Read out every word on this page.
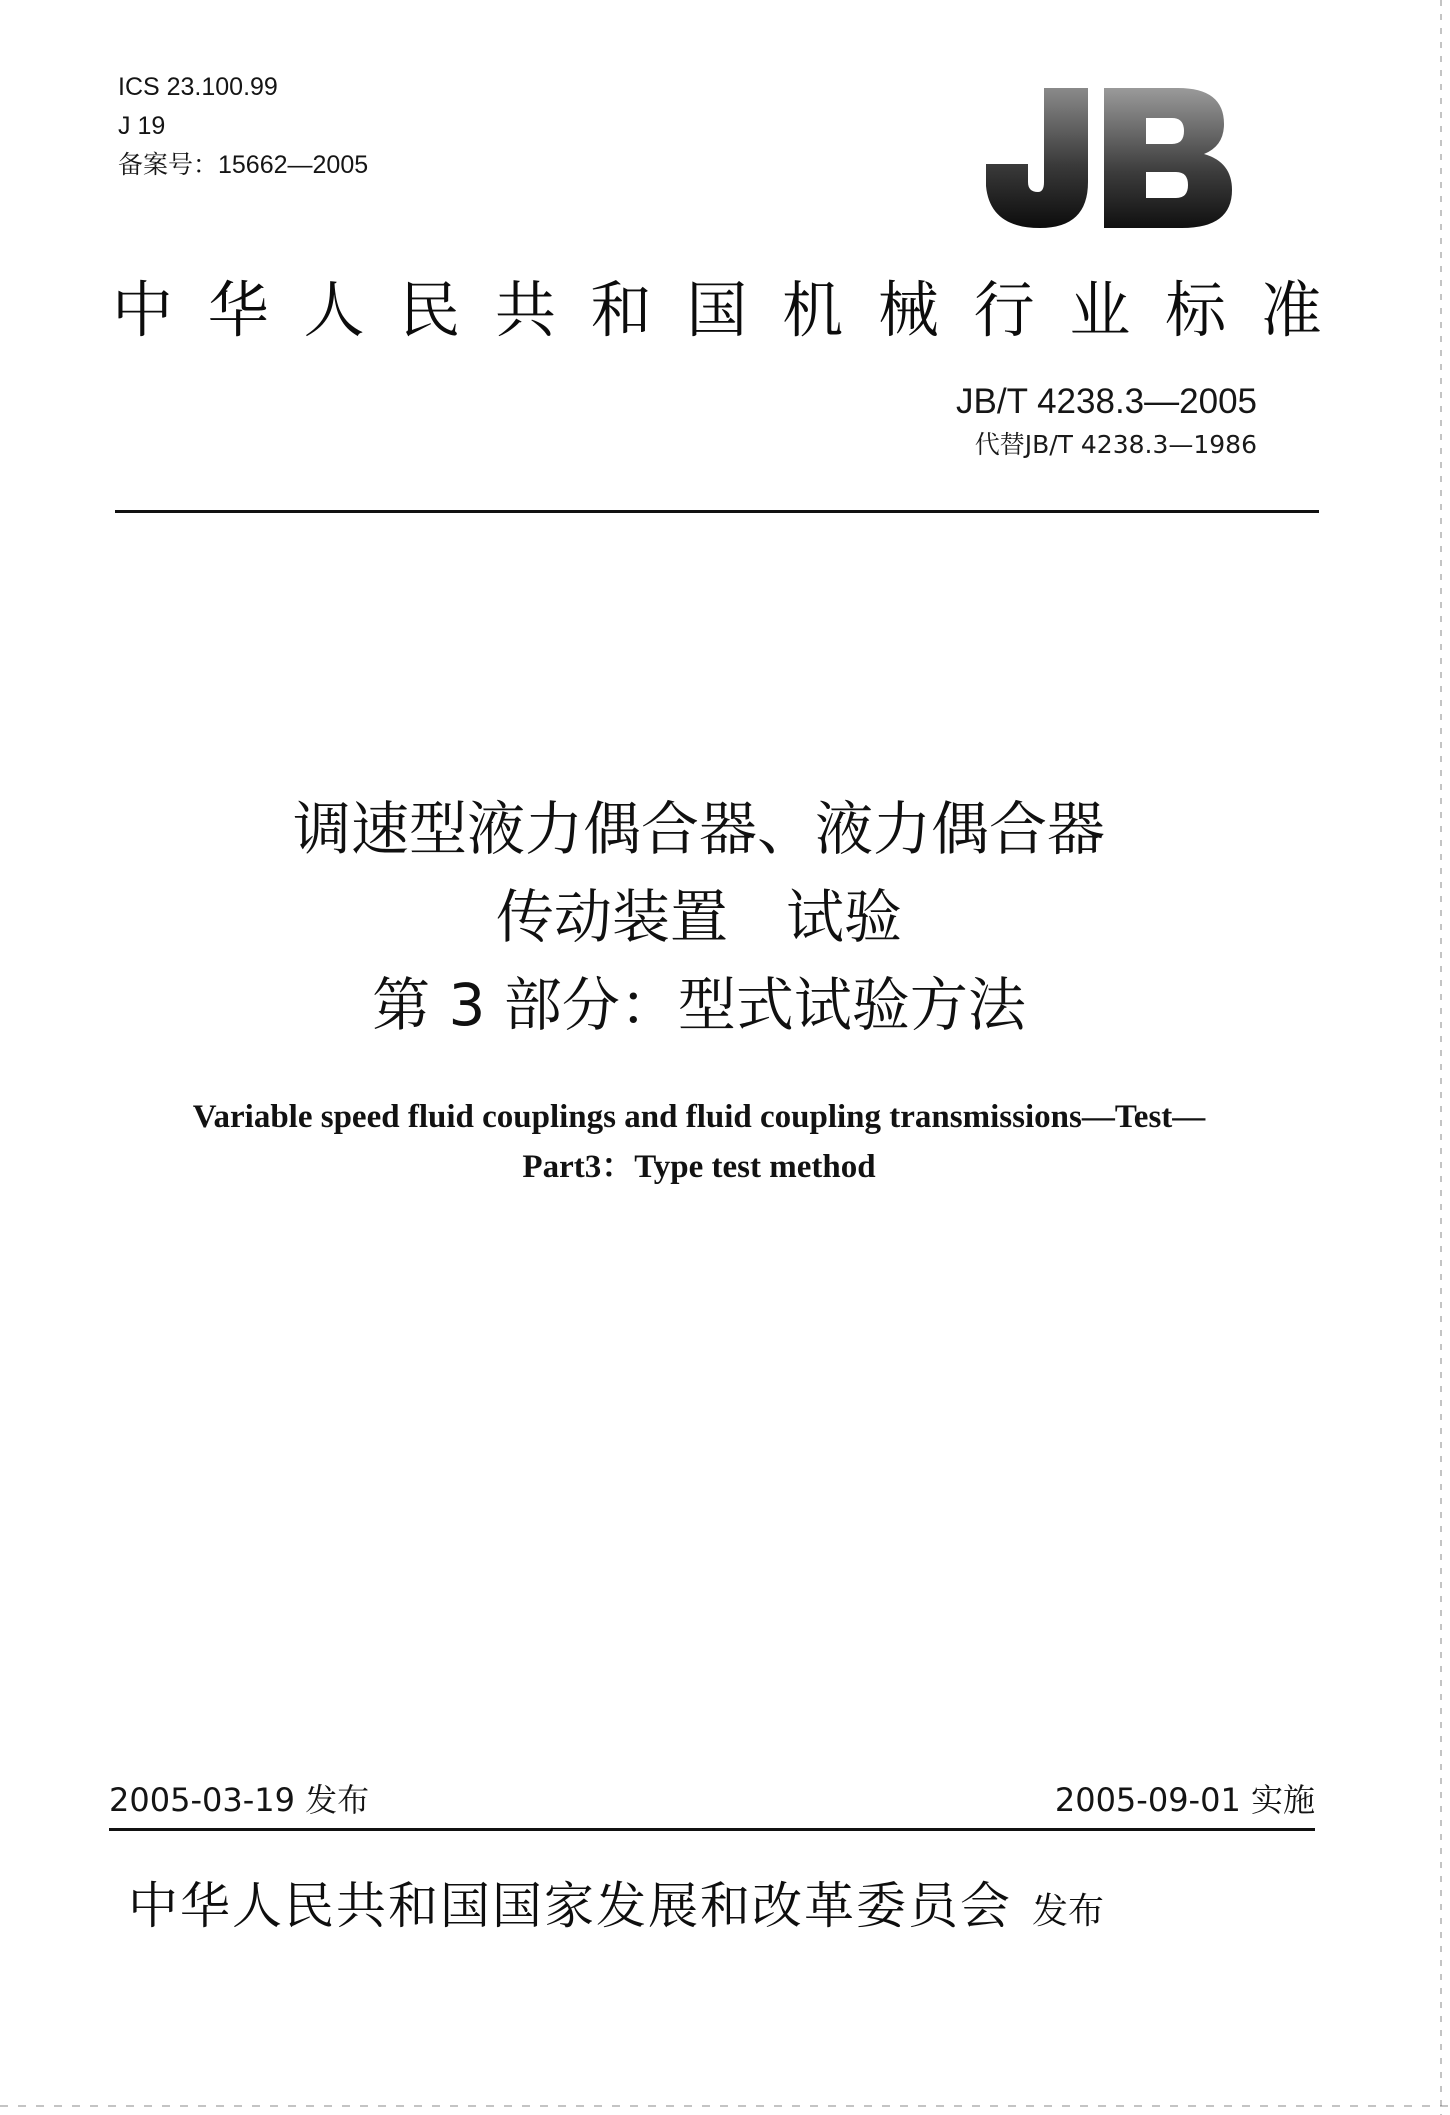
ICS 23.100.99
J 19
备案号：15662—2005
中 华 人 民 共 和 国 机 械 行 业 标 准
JB/T 4238.3—2005
代替JB/T 4238.3—1986
调速型液力偶合器、液力偶合器
传动装置　试验
第 3 部分：型式试验方法
Variable speed fluid couplings and fluid coupling transmissions—Test—
Part3：Type test method
2005-03-19 发布	2005-09-01 实施
中华人民共和国国家发展和改革委员会 发布
